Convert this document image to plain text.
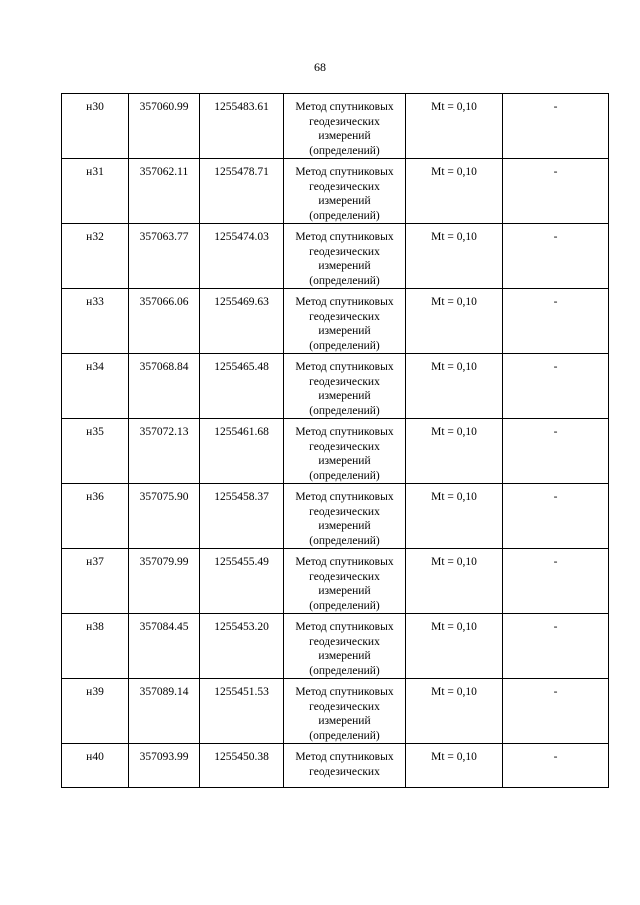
68
н30	357060.99	1255483.61	Метод спутниковых
геодезических
измерений
(определений)	Mt = 0,10	-
н31	357062.11	1255478.71	Метод спутниковых
геодезических
измерений
(определений)	Mt = 0,10	-
н32	357063.77	1255474.03	Метод спутниковых
геодезических
измерений
(определений)	Mt = 0,10	-
н33	357066.06	1255469.63	Метод спутниковых
геодезических
измерений
(определений)	Mt = 0,10	-
н34	357068.84	1255465.48	Метод спутниковых
геодезических
измерений
(определений)	Mt = 0,10	-
н35	357072.13	1255461.68	Метод спутниковых
геодезических
измерений
(определений)	Mt = 0,10	-
н36	357075.90	1255458.37	Метод спутниковых
геодезических
измерений
(определений)	Mt = 0,10	-
н37	357079.99	1255455.49	Метод спутниковых
геодезических
измерений
(определений)	Mt = 0,10	-
н38	357084.45	1255453.20	Метод спутниковых
геодезических
измерений
(определений)	Mt = 0,10	-
н39	357089.14	1255451.53	Метод спутниковых
геодезических
измерений
(определений)	Mt = 0,10	-
н40	357093.99	1255450.38	Метод спутниковых
геодезических	Mt = 0,10	-
